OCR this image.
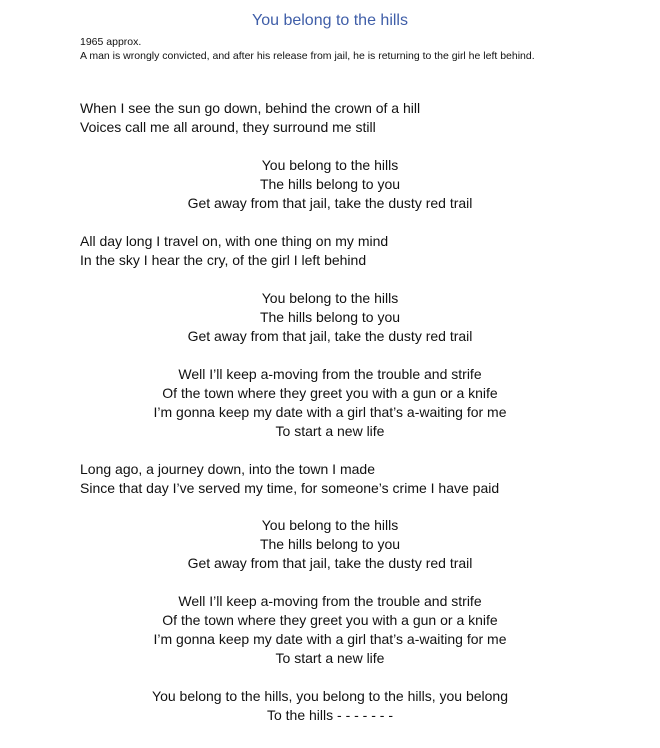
You belong to the hills
1965 approx.
A man is wrongly convicted, and after his release from jail, he is returning to the girl he left behind.
When I see the sun go down, behind the crown of a hill
Voices call me all around, they surround me still
You belong to the hills
The hills belong to you
Get away from that jail, take the dusty red trail
All day long I travel on, with one thing on my mind
In the sky I hear the cry, of the girl I left behind
You belong to the hills
The hills belong to you
Get away from that jail, take the dusty red trail
Well I’ll keep a-moving from the trouble and strife
Of the town where they greet you with a gun or a knife
I’m gonna keep my date with a girl that’s a-waiting for me
To start a new life
Long ago, a journey down, into the town I made
Since that day I’ve served my time, for someone’s crime I have paid
You belong to the hills
The hills belong to you
Get away from that jail, take the dusty red trail
Well I’ll keep a-moving from the trouble and strife
Of the town where they greet you with a gun or a knife
I’m gonna keep my date with a girl that’s a-waiting for me
To start a new life
You belong to the hills, you belong to the hills, you belong
To the hills - - - - - - -
